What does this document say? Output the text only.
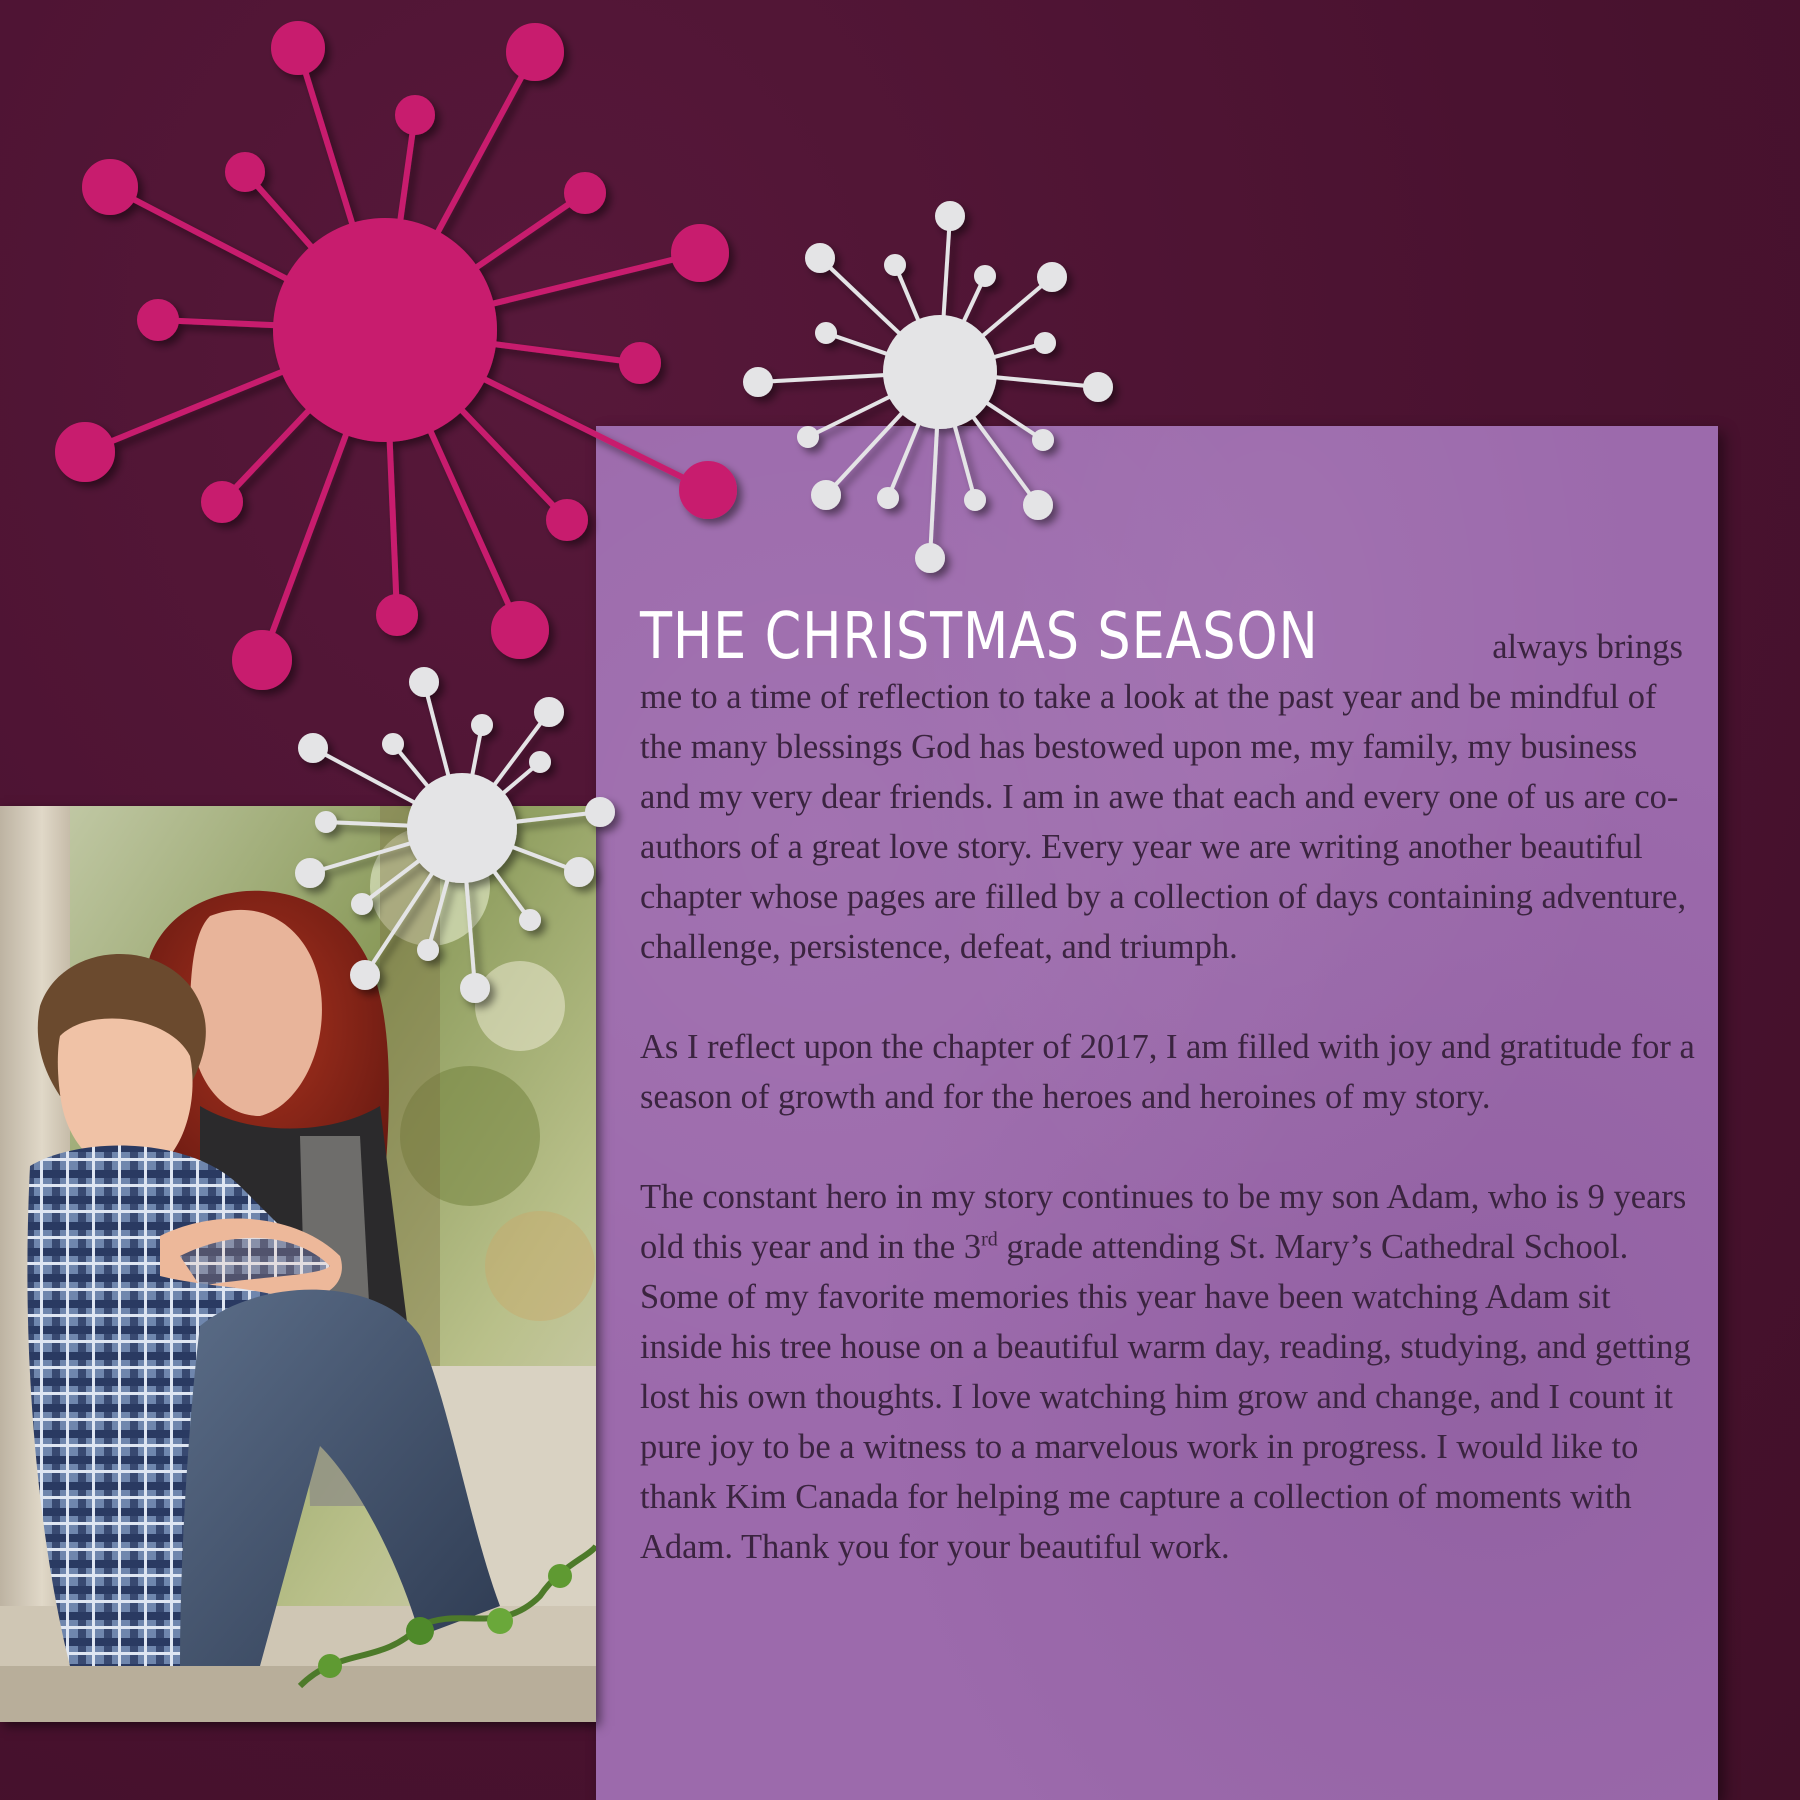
THE CHRISTMAS SEASON	always brings me to a time of reflection to take a look at the past year and be mindful of the many blessings God has bestowed upon me, my family, my business and my very dear friends. I am in awe that each and every one of us are co-authors of a great love story. Every year we are writing another beautiful chapter whose pages are filled by a collection of days containing adventure, challenge, persistence, defeat, and triumph.

As I reflect upon the chapter of 2017, I am filled with joy and gratitude for a season of growth and for the heroes and heroines of my story.

The constant hero in my story continues to be my son Adam, who is 9 years old this year and in the 3rd grade attending St. Mary’s Cathedral School. Some of my favorite memories this year have been watching Adam sit inside his tree house on a beautiful warm day, reading, studying, and getting lost his own thoughts. I love watching him grow and change, and I count it pure joy to be a witness to a marvelous work in progress. I would like to thank Kim Canada for helping me capture a collection of moments with Adam. Thank you for your beautiful work.
